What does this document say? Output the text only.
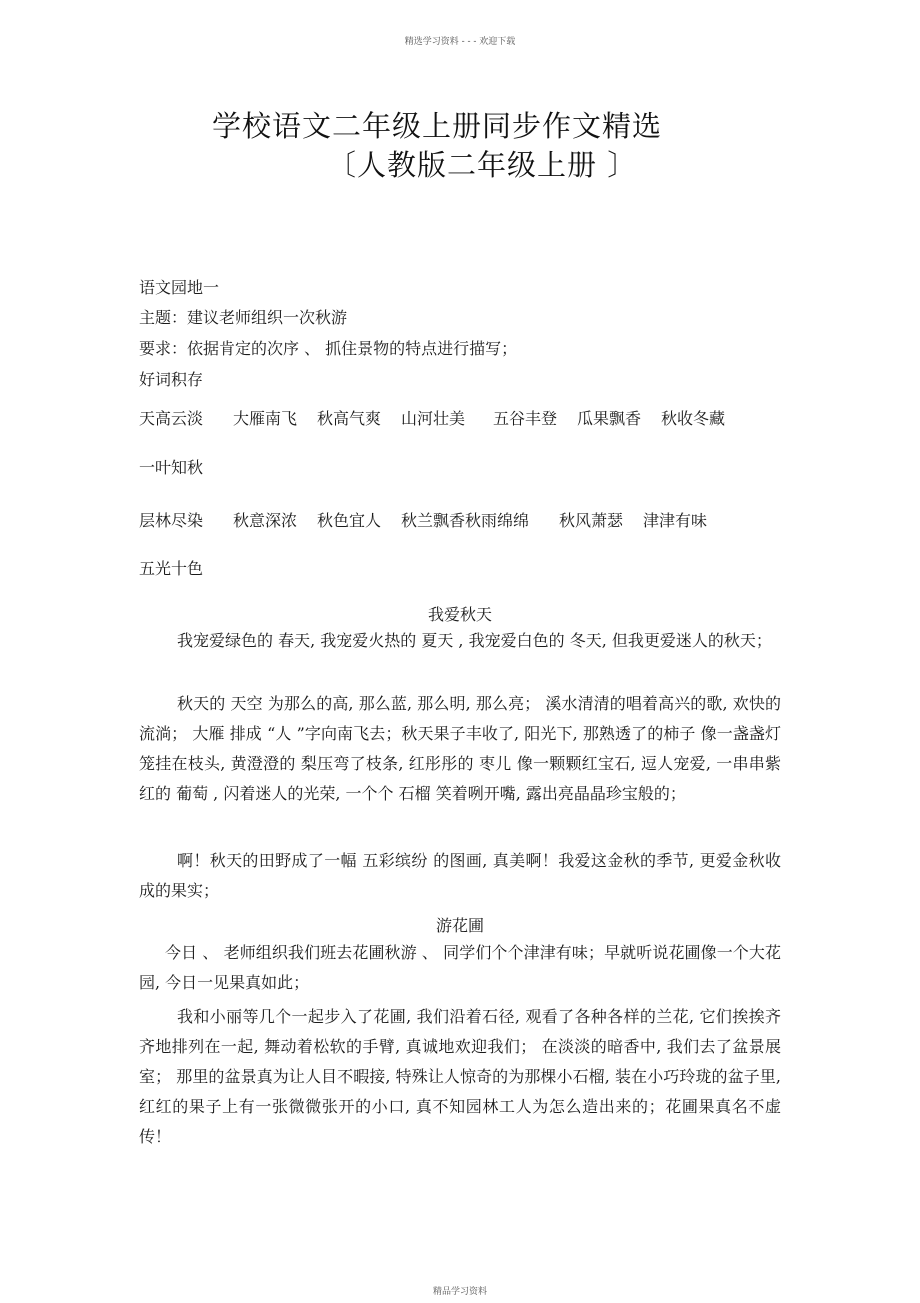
精选学习资料 - - - 欢迎下载
学校语文二年级上册同步作文精选
〔人教版二年级上册 〕
语文园地一
主题：建议老师组织一次秋游
要求：依据肯定的次序 、 抓住景物的特点进行描写；
好词积存
天高云淡	大雁南飞	秋高气爽	山河壮美	五谷丰登	瓜果飘香	秋收冬藏
一叶知秋
层林尽染	秋意深浓	秋色宜人	秋兰飘香秋雨绵绵	秋风萧瑟	津津有味
五光十色
我爱秋天
我宠爱绿色的 春天, 我宠爱火热的 夏天 , 我宠爱白色的 冬天, 但我更爱迷人的秋天；
秋天的 天空 为那么的高, 那么蓝, 那么明, 那么亮； 溪水清清的唱着高兴的歌, 欢快的流淌； 大雁 排成 “人 ”字向南飞去；秋天果子丰收了, 阳光下, 那熟透了的柿子 像一盏盏灯笼挂在枝头, 黄澄澄的 梨压弯了枝条, 红彤彤的 枣儿 像一颗颗红宝石, 逗人宠爱, 一串串紫红的 葡萄 , 闪着迷人的光荣, 一个个 石榴 笑着咧开嘴, 露出亮晶晶珍宝般的；
啊！秋天的田野成了一幅 五彩缤纷 的图画, 真美啊！我爱这金秋的季节, 更爱金秋收成的果实；
游花圃
今日 、 老师组织我们班去花圃秋游 、 同学们个个津津有味；早就听说花圃像一个大花园, 今日一见果真如此；
我和小丽等几个一起步入了花圃, 我们沿着石径, 观看了各种各样的兰花, 它们挨挨齐齐地排列在一起, 舞动着松软的手臂, 真诚地欢迎我们； 在淡淡的暗香中, 我们去了盆景展室； 那里的盆景真为让人目不暇接, 特殊让人惊奇的为那棵小石榴, 装在小巧玲珑的盆子里, 红红的果子上有一张微微张开的小口, 真不知园林工人为怎么造出来的；花圃果真名不虚传！
精品学习资料
